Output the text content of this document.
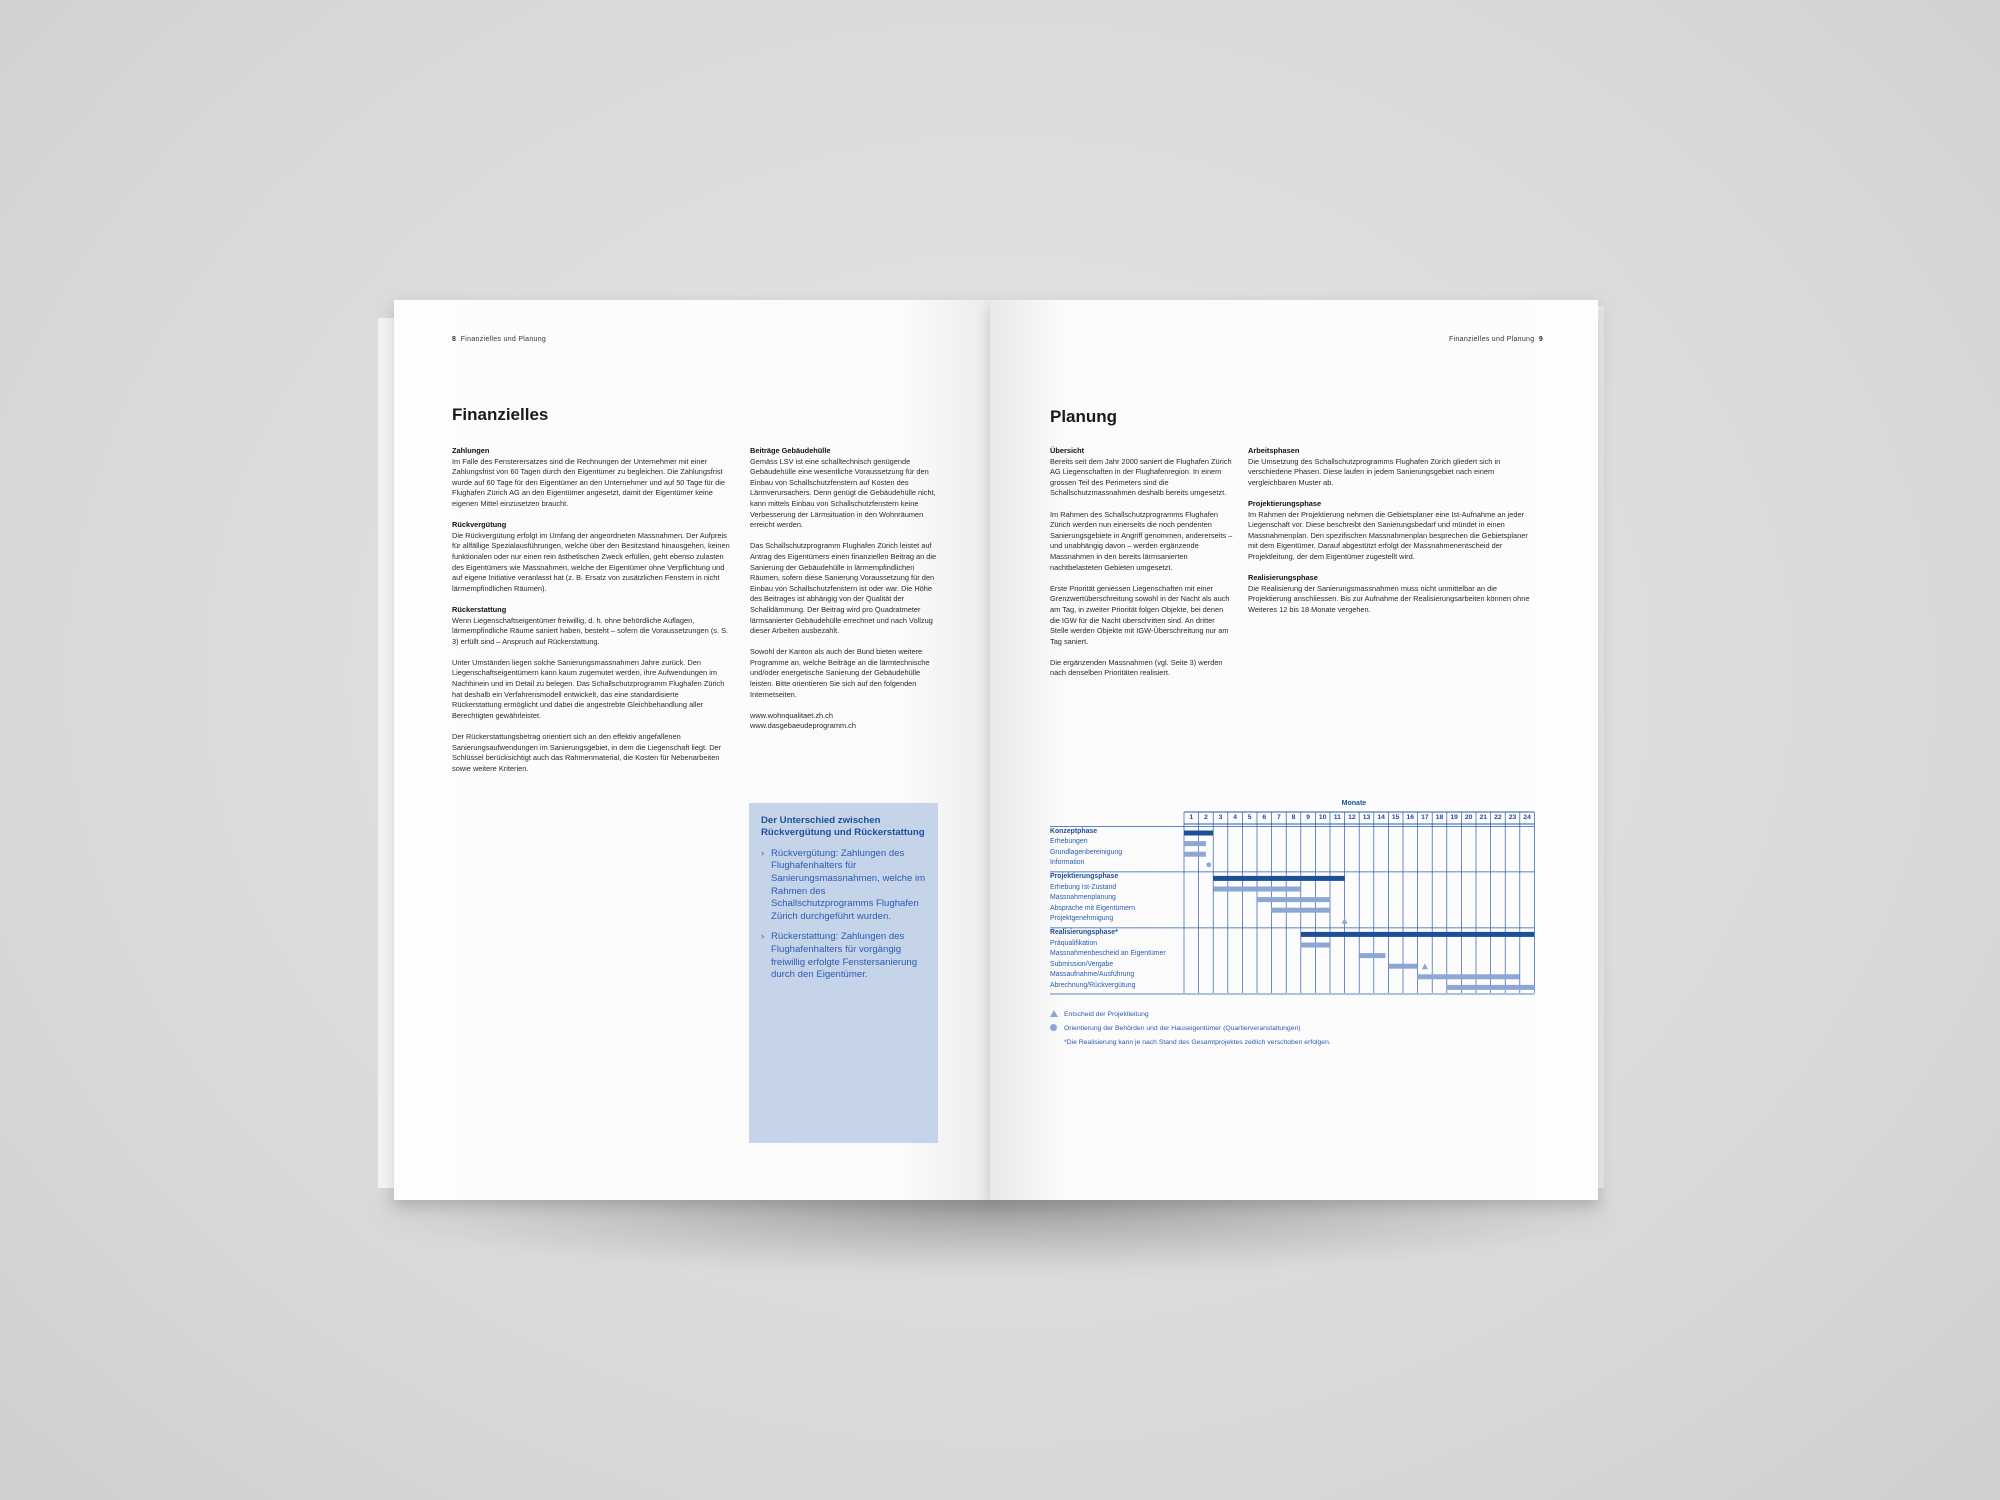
8 Finanzielles und Planung
Finanzielles
Zahlungen

Im Falle des Fensterersatzes sind die Rechnungen der Unternehmer mit einer Zahlungsfrist von 60 Tagen durch den Eigentümer zu begleichen. Die Zahlungsfrist wurde auf 60 Tage für den Eigentümer an den Unternehmer und auf 50 Tage für die Flughafen Zürich AG an den Eigentümer angesetzt, damit der Eigentümer keine eigenen Mittel einzusetzen braucht.

Rückvergütung

Die Rückvergütung erfolgt im Umfang der angeordneten Massnahmen. Der Aufpreis für allfällige Spezialausführungen, welche über den Besitzstand hinausgehen, keinen funktionalen oder nur einen rein ästhetischen Zweck erfüllen, geht ebenso zulasten des Eigentümers wie Massnahmen, welche der Eigentümer ohne Verpflichtung und auf eigene Initiative veranlasst hat (z. B. Ersatz von zusätzlichen Fenstern in nicht lärmempfindlichen Räumen).

Rückerstattung

Wenn Liegenschaftseigentümer freiwillig, d. h. ohne behördliche Auflagen, lärmempfindliche Räume saniert haben, besteht – sofern die Voraussetzungen (s. S. 3) erfüllt sind – Anspruch auf Rückerstattung.

Unter Umständen liegen solche Sanierungsmassnahmen Jahre zurück. Den Liegenschaftseigentümern kann kaum zugemutet werden, ihre Aufwendungen im Nachhinein und im Detail zu belegen. Das Schallschutzprogramm Flughafen Zürich hat deshalb ein Verfahrensmodell entwickelt, das eine standardisierte Rückerstattung ermöglicht und dabei die angestrebte Gleichbehandlung aller Berechtigten gewährleistet.

Der Rückerstattungsbetrag orientiert sich an den effektiv angefallenen Sanierungsaufwendungen im Sanierungsgebiet, in dem die Liegenschaft liegt. Der Schlüssel berücksichtigt auch das Rahmenmaterial, die Kosten für Nebenarbeiten sowie weitere Kriterien.

Beiträge Gebäudehülle

Gemäss LSV ist eine schalltechnisch genügende Gebäudehülle eine wesentliche Voraussetzung für den Einbau von Schallschutzfenstern auf Kosten des Lärmverursachers. Denn genügt die Gebäudehülle nicht, kann mittels Einbau von Schallschutzfenstern keine Verbesserung der Lärmsituation in den Wohnräumen erreicht werden.

Das Schallschutzprogramm Flughafen Zürich leistet auf Antrag des Eigentümers einen finanziellen Beitrag an die Sanierung der Gebäudehülle in lärmempfindlichen Räumen, sofern diese Sanierung Voraussetzung für den Einbau von Schallschutzfenstern ist oder war. Die Höhe des Beitrages ist abhängig von der Qualität der Schalldämmung. Der Beitrag wird pro Quadratmeter lärmsanierter Gebäudehülle errechnet und nach Vollzug dieser Arbeiten ausbezahlt.

Sowohl der Kanton als auch der Bund bieten weitere Programme an, welche Beiträge an die lärmtechnische und/oder energetische Sanierung der Gebäudehülle leisten. Bitte orientieren Sie sich auf den folgenden Internetseiten.

www.wohnqualitaet.zh.ch
www.dasgebaeudeprogramm.ch
Der Unterschied zwischen Rückvergütung und Rückerstattung
› Rückvergütung: Zahlungen des Flughafenhalters für Sanierungsmassnahmen, welche im Rahmen des Schallschutzprogramms Flughafen Zürich durchgeführt wurden.
› Rückerstattung: Zahlungen des Flughafenhalters für vorgängig freiwillig erfolgte Fenstersanierung durch den Eigentümer.
Finanzielles und Planung 9
Planung
Übersicht

Bereits seit dem Jahr 2000 saniert die Flughafen Zürich AG Liegenschaften in der Flughafenregion. In einem grossen Teil des Perimeters sind die Schallschutzmassnahmen deshalb bereits umgesetzt.

Im Rahmen des Schallschutzprogramms Flughafen Zürich werden nun einerseits die noch pendenten Sanierungsgebiete in Angriff genommen, andererseits – und unabhängig davon – werden ergänzende Massnahmen in den bereits lärmsanierten nachtbelasteten Gebieten umgesetzt.

Erste Priorität geniessen Liegenschaften mit einer Grenzwertüberschreitung sowohl in der Nacht als auch am Tag, in zweiter Priorität folgen Objekte, bei denen die IGW für die Nacht überschritten sind. An dritter Stelle werden Objekte mit IGW-Überschreitung nur am Tag saniert.

Die ergänzenden Massnahmen (vgl. Seite 3) werden nach denselben Prioritäten realisiert.

Arbeitsphasen

Die Umsetzung des Schallschutzprogramms Flughafen Zürich gliedert sich in verschiedene Phasen. Diese laufen in jedem Sanierungsgebiet nach einem vergleichbaren Muster ab.

Projektierungsphase

Im Rahmen der Projektierung nehmen die Gebietsplaner eine Ist-Aufnahme an jeder Liegenschaft vor. Diese beschreibt den Sanierungsbedarf und mündet in einen Massnahmenplan. Den spezifischen Massnahmenplan besprechen die Gebietsplaner mit dem Eigentümer. Darauf abgestützt erfolgt der Massnahmenentscheid der Projektleitung, der dem Eigentümer zugestellt wird.

Realisierungsphase

Die Realisierung der Sanierungsmassnahmen muss nicht unmittelbar an die Projektierung anschliessen. Bis zur Aufnahme der Realisierungsarbeiten können ohne Weiteres 12 bis 18 Monate vergehen.

Monate
1	2	3	4	5	6	7	8	9	10	11	12	13	14	15	16	17	18	19	20	21	22	23	24
Konzeptphase
Erhebungen
Grundlagenbereinigung
Information
Projektierungsphase
Erhebung Ist-Zustand
Massnahmenplanung
Absprache mit Eigentümern
Projektgenehmigung
Realisierungsphase*
Präqualifikation
Massnahmenbescheid an Eigentümer
Submission/Vergabe
Massaufnahme/Ausführung
Abrechnung/Rückvergütung
Entscheid der Projektleitung
Orientierung der Behörden und der Hauseigentümer (Quartierveranstaltungen)
*Die Realisierung kann je nach Stand des Gesamtprojektes zeitlich verschoben erfolgen.
